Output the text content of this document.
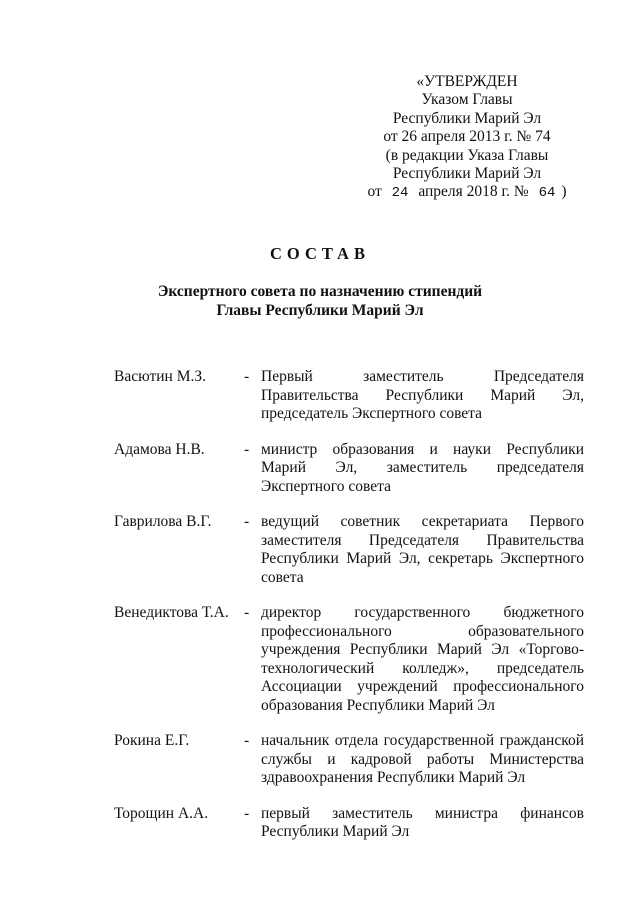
«УТВЕРЖДЕН
Указом Главы
Республики Марий Эл
от 26 апреля 2013 г. № 74
(в редакции Указа Главы
Республики Марий Эл
от 24 апреля 2018 г. № 64 )
СОСТАВ
Экспертного совета по назначению стипендий
Главы Республики Марий Эл
Васютин М.З.	- Первый заместитель Председателя Правительства Республики Марий Эл, председатель Экспертного совета
Адамова Н.В.	- министр образования и науки Республики Марий Эл, заместитель председателя Экспертного совета
Гаврилова В.Г.	- ведущий советник секретариата Первого заместителя Председателя Правительства Республики Марий Эл, секретарь Экспертного совета
Венедиктова Т.А. - директор государственного бюджетного профессионального образовательного учреждения Республики Марий Эл «Торгово-технологический колледж», председатель Ассоциации учреждений профессионального образования Республики Марий Эл
Рокина Е.Г.	- начальник отдела государственной гражданской службы и кадровой работы Министерства здравоохранения Республики Марий Эл
Торощин А.А.	- первый заместитель министра финансов Республики Марий Эл
